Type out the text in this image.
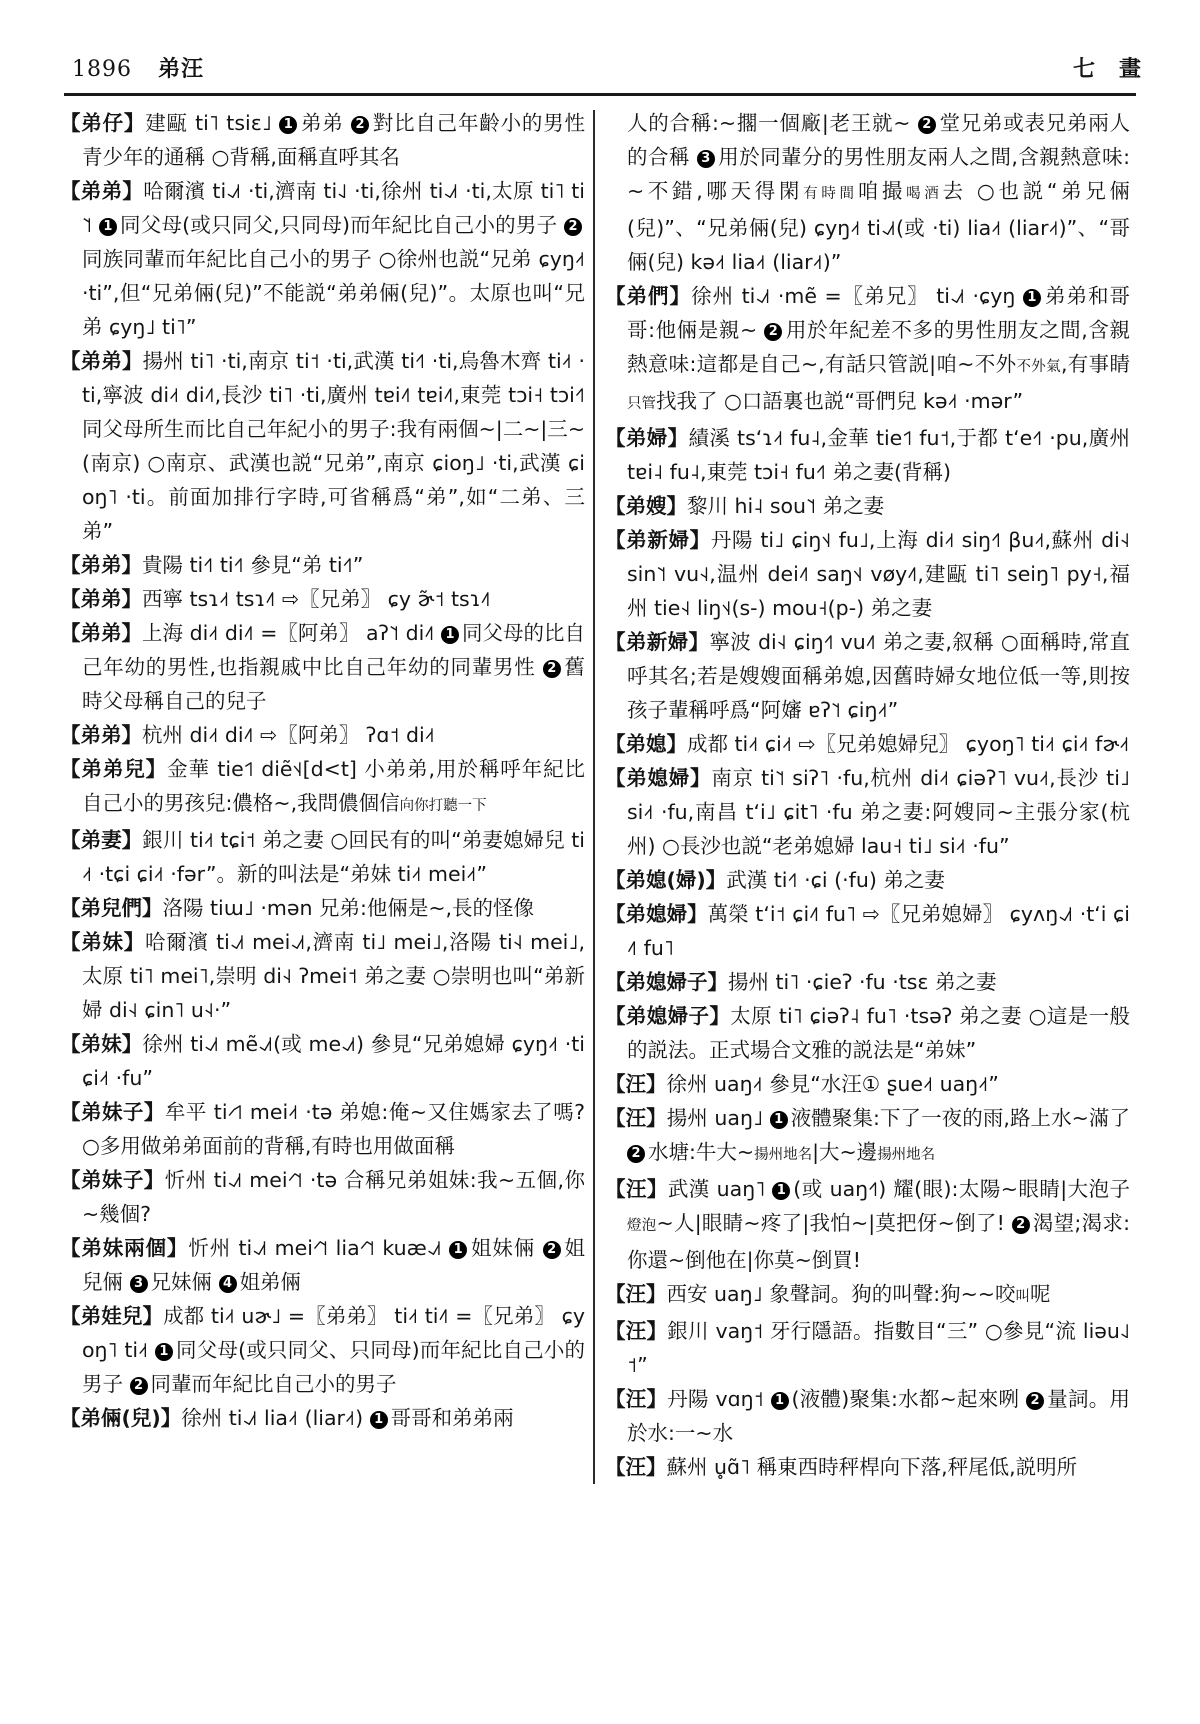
1896 弟汪	七　畫

【弟仔】建甌 ti˥ tsiɛ˩ 1 弟弟 2 對比自己年齡小的男性青少年的通稱 ○背稱,面稱直呼其名

【弟弟】哈爾濱 ti˨˩˦ ·ti,濟南 ti˨˩ ·ti,徐州 ti˨˩˦ ·ti,太原 ti˥ ti˥˦ 1 同父母(或只同父,只同母)而年紀比自己小的男子 2同族同輩而年紀比自己小的男子 ○徐州也説“兄弟 ɕyŋ˨˦ ·ti”,但“兄弟倆(兒)”不能説“弟弟倆(兒)”。太原也叫“兄弟 ɕyŋ˩ ti˥”

【弟弟】揚州 ti˥ ·ti,南京 ti˦ ·ti,武漢 ti˧˥ ·ti,烏魯木齊 ti˨˦ ·ti,寧波 di˨˦ di˨˥,長沙 ti˥ ·ti,廣州 tɐi˨˥ tɐi˨˥,東莞 tɔi˧ tɔi˧˥ 同父母所生而比自己年紀小的男子:我有兩個~|二~|三~(南京) ○南京、武漢也説“兄弟”,南京 ɕioŋ˩ ·ti,武漢 ɕioŋ˥ ·ti。前面加排行字時,可省稱爲“弟”,如“二弟、三弟”

【弟弟】貴陽 ti˧˥ ti˧˥ 參見“弟 ti˧˥”

【弟弟】西寧 tsɿ˨˦ tsɿ˨˥ ⇨〖兄弟〗 ɕy ɚ̃˦ tsɿ˨˥

【弟弟】上海 di˨˦ di˨˥ =〖阿弟〗 aʔ˥˦ di˨˥ 1 同父母的比自己年幼的男性,也指親戚中比自己年幼的同輩男性 2 舊時父母稱自己的兒子

【弟弟】杭州 di˨˦ di˨˥ ⇨〖阿弟〗 ʔɑ˦ di˨˦

【弟弟兒】金華 tie˦˥ diẽ˦˨[d<t] 小弟弟,用於稱呼年紀比自己小的男孩兒:儂格~,我問儂個信向你打聽一下

【弟妻】銀川 ti˨˦ tɕi˦ 弟之妻 ○回民有的叫“弟妻媳婦兒 ti˨˦ ·tɕi ɕi˨˦ ·fər”。新的叫法是“弟妹 ti˨˦ mei˨˦”

【弟兒們】洛陽 tiɯ˩ ·mən 兄弟:他倆是~,長的怪像

【弟妹】哈爾濱 ti˨˩˦ mei˨˩˦,濟南 ti˩ mei˩,洛陽 ti˧˨ mei˩,太原 ti˥ mei˥,崇明 di˧˨ ʔmei˦ 弟之妻 ○崇明也叫“弟新婦 di˧˨ ɕin˥ u˧˨·”

【弟妹】徐州 ti˨˩˦ mẽ˨˩˦(或 me˨˩˦) 參見“兄弟媳婦 ɕyŋ˨˦ ·ti ɕi˨˦ ·fu”

【弟妹子】牟平 ti˨˦˥ mei˨˦ ·tə 弟媳:俺~又住媽家去了嗎? ○多用做弟弟面前的背稱,有時也用做面稱

【弟妹子】忻州 ti˨˩˦ mei˧˥˦ ·tə 合稱兄弟姐妹:我~五個,你~幾個?

【弟妹兩個】忻州 ti˨˩˦ mei˧˥˦ lia˧˥˦ kuæ˨˩˦ 1 姐妹倆 2 姐兒倆 3 兄妹倆 4 姐弟倆

【弟娃兒】成都 ti˨˦ uɚ˩ =〖弟弟〗 ti˨˦ ti˨˥ =〖兄弟〗 ɕyoŋ˥ ti˨˦ 1 同父母(或只同父、只同母)而年紀比自己小的男子 2 同輩而年紀比自己小的男子

【弟倆(兒)】徐州 ti˨˩˦ lia˨˦ (liar˨˦) 1 哥哥和弟弟兩

人的合稱:~擱一個廠|老王就~ 2 堂兄弟或表兄弟兩人的合稱 3 用於同輩分的男性朋友兩人之間,含親熱意味:~不錯,哪天得閑有時間咱撮喝酒去 ○也説“弟兄倆(兒)”、“兄弟倆(兒) ɕyŋ˨˦ ti˨˩˦(或 ·ti) lia˨˦ (liar˨˦)”、“哥倆(兒) kə˨˦ lia˨˦ (liar˨˦)”

【弟們】徐州 ti˨˩˦ ·mẽ =〖弟兄〗 ti˨˩˦ ·ɕyŋ 1 弟弟和哥哥:他倆是親~ 2 用於年紀差不多的男性朋友之間,含親熱意味:這都是自己~,有話只管説|咱~不外不外氣,有事睛只管找我了 ○口語裏也説“哥們兒 kə˨˦ ·mər”

【弟婦】績溪 tsʻɿ˨˦ fu˨,金華 tie˦˥ fu˦,于都 tʻe˧˥ ·pu,廣州 tɐi˨ fu˨,東莞 tɔi˧ fu˧˥ 弟之妻(背稱)

【弟嫂】黎川 hi˨ sou˥˦ 弟之妻

【弟新婦】丹陽 ti˩ ɕiŋ˦˨ fu˩,上海 di˨˦ siŋ˧˥ βu˨˦,蘇州 di˧˨ sin˥˦ vu˧˨,温州 dei˨˥ saŋ˦˨ vøy˨˥,建甌 ti˥ seiŋ˥ py˧,福州 tie˧˨ liŋ˦˨(s-) mou˧(p-) 弟之妻

【弟新婦】寧波 di˧˨ ɕiŋ˧˥ vu˨˥ 弟之妻,叙稱 ○面稱時,常直呼其名;若是嫂嫂面稱弟媳,因舊時婦女地位低一等,則按孩子輩稱呼爲“阿嬸 ɐʔ˥˦ ɕiŋ˨˦”

【弟媳】成都 ti˨˦ ɕi˨˦ ⇨〖兄弟媳婦兒〗 ɕyoŋ˥ ti˨˦ ɕi˨˦ fɚ˨˦

【弟媳婦】南京 ti˥˦ siʔ˥ ·fu,杭州 di˨˦ ɕiəʔ˥ vu˨˦,長沙 ti˩ si˨˦ ·fu,南昌 tʻi˩ ɕit˥ ·fu 弟之妻:阿嫂同~主張分家(杭州) ○長沙也説“老弟媳婦 lau˧ ti˩ si˨˦ ·fu”

【弟媳(婦)】武漢 ti˧˥ ·ɕi (·fu) 弟之妻

【弟媳婦】萬榮 tʻi˦ ɕi˨˥ fu˥ ⇨〖兄弟媳婦〗 ɕyʌŋ˨˩˦ ·tʻi ɕi˨˥ fu˥

【弟媳婦子】揚州 ti˥ ·ɕieʔ ·fu ·tsɛ 弟之妻

【弟媳婦子】太原 ti˥ ɕiəʔ˨ fu˥ ·tsəʔ 弟之妻 ○這是一般的説法。正式場合文雅的説法是“弟妹”

【汪】徐州 uaŋ˨˦ 參見“水汪① ʂue˨˦ uaŋ˨˦”

【汪】揚州 uaŋ˩ 1 液體聚集:下了一夜的雨,路上水~滿了 2 水塘:牛大~揚州地名|大~邊揚州地名

【汪】武漢 uaŋ˥ 1 (或 uaŋ˧˥) 耀(眼):太陽~眼睛|大泡子燈泡~人|眼睛~疼了|我怕~|莫把伢~倒了! 2 渴望;渴求:你還~倒他在|你莫~倒買!

【汪】西安 uaŋ˩ 象聲詞。狗的叫聲:狗~~咬叫呢

【汪】銀川 vaŋ˦ 牙行隱語。指數目“三” ○參見“流 liəu˨˩˦”

【汪】丹陽 vɑŋ˦ 1 (液體)聚集:水都~起來咧 2 量詞。用於水:一~水

【汪】蘇州 u̥ɑ̃˥ 稱東西時秤桿向下落,秤尾低,説明所
